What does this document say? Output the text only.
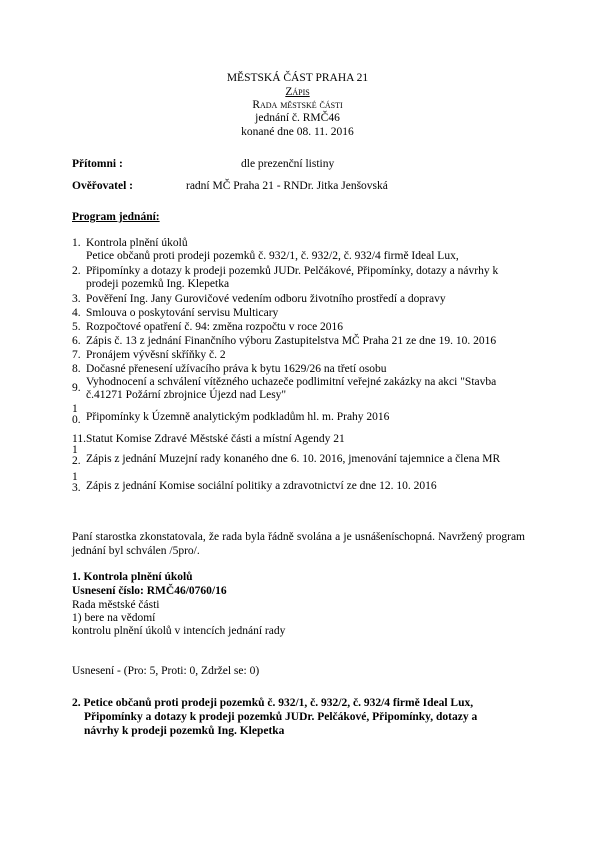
MĚSTSKÁ ČÁST PRAHA 21
Zápis
Rada městské části
jednání č. RMČ46
konané dne 08. 11. 2016
Přítomni :	dle prezenční listiny
Ověřovatel :	radní MČ Praha 21 - RNDr. Jitka Jenšovská
Program jednání:
1. Kontrola plnění úkolů
Petice občanů proti prodeji pozemků č. 932/1, č. 932/2, č. 932/4 firmě Ideal Lux,
2. Připomínky a dotazy k prodeji pozemků JUDr. Pelčákové, Připomínky, dotazy a návrhy k
prodeji pozemků Ing. Klepetka
3. Pověření Ing. Jany Gurovičové vedením odboru životního prostředí a dopravy
4. Smlouva o poskytování servisu Multicary
5. Rozpočtové opatření č. 94: změna rozpočtu v roce 2016
6. Zápis č. 13 z jednání Finančního výboru Zastupitelstva MČ Praha 21 ze dne 19. 10. 2016
7. Pronájem vývěsní skříňky č. 2
8. Dočasné přenesení užívacího práva k bytu 1629/26 na třetí osobu
9. Vyhodnocení a schválení vítězného uchazeče podlimitní veřejné zakázky na akci "Stavba
č.41271 Požární zbrojnice Újezd nad Lesy"
10. Připomínky k Územně analytickým podkladům hl. m. Prahy 2016
11. Statut Komise Zdravé Městské části a místní Agendy 21
12. Zápis z jednání Muzejní rady konaného dne 6. 10. 2016, jmenování tajemnice a člena MR
13. Zápis z jednání Komise sociální politiky a zdravotnictví ze dne 12. 10. 2016
Paní starostka zkonstatovala, že rada byla řádně svolána a je usnášeníschopná. Navržený program jednání byl schválen /5pro/.
1. Kontrola plnění úkolů
Usnesení číslo: RMČ46/0760/16
Rada městské části
1) bere na vědomí
kontrolu plnění úkolů v intencích jednání rady
Usnesení - (Pro: 5, Proti: 0, Zdržel se: 0)
2. Petice občanů proti prodeji pozemků č. 932/1, č. 932/2, č. 932/4 firmě Ideal Lux,
Připomínky a dotazy k prodeji pozemků JUDr. Pelčákové, Připomínky, dotazy a
návrhy k prodeji pozemků Ing. Klepetka
